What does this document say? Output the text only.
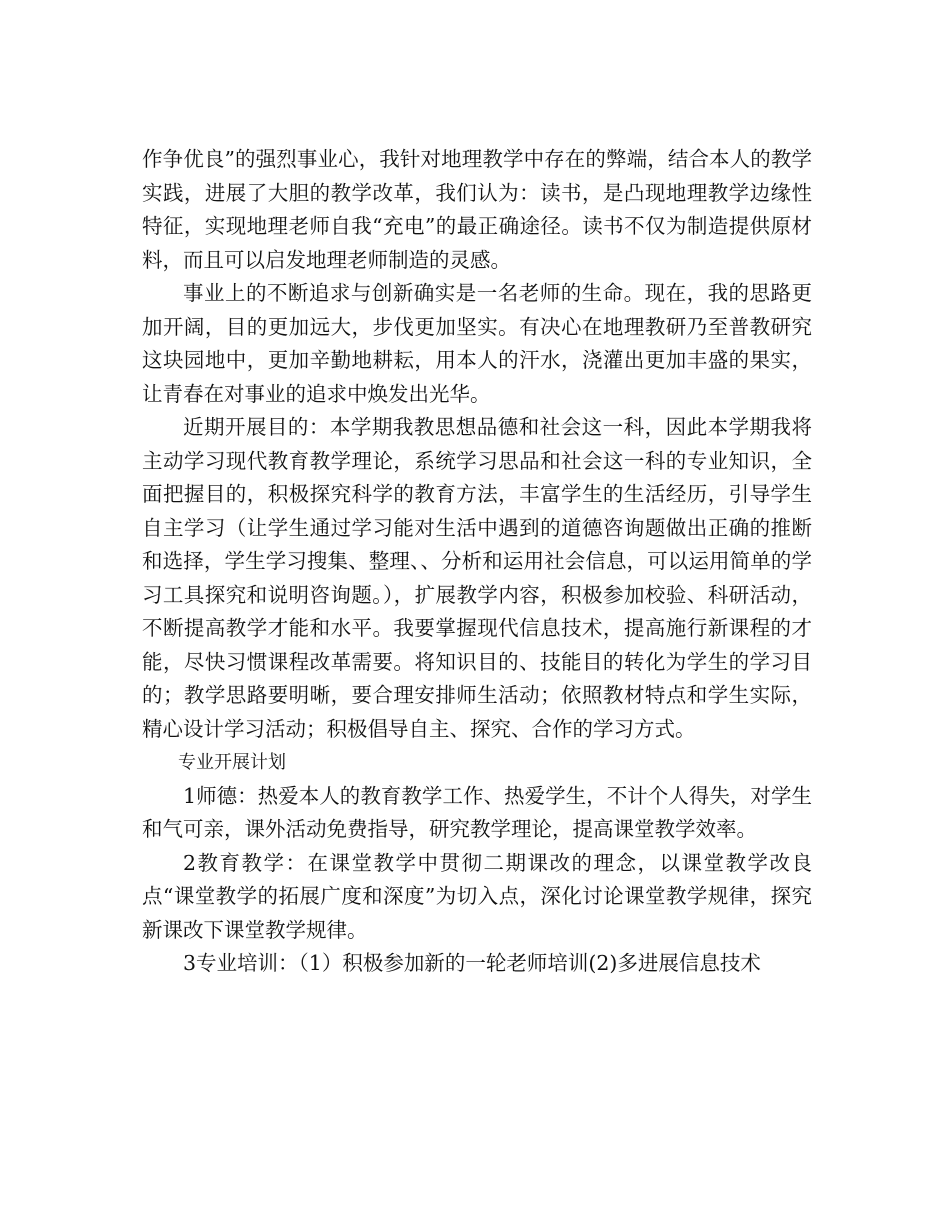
作争优良”的强烈事业心，我针对地理教学中存在的弊端，结合本人的教学实践，进展了大胆的教学改革，我们认为：读书，是凸现地理教学边缘性特征，实现地理老师自我“充电”的最正确途径。读书不仅为制造提供原材料，而且可以启发地理老师制造的灵感。

事业上的不断追求与创新确实是一名老师的生命。现在，我的思路更加开阔，目的更加远大，步伐更加坚实。有决心在地理教研乃至普教研究这块园地中，更加辛勤地耕耘，用本人的汗水，浇灌出更加丰盛的果实，让青春在对事业的追求中焕发出光华。

近期开展目的：本学期我教思想品德和社会这一科，因此本学期我将主动学习现代教育教学理论，系统学习思品和社会这一科的专业知识，全面把握目的，积极探究科学的教育方法，丰富学生的生活经历，引导学生自主学习（让学生通过学习能对生活中遇到的道德咨询题做出正确的推断和选择，学生学习搜集、整理、、分析和运用社会信息，可以运用简单的学习工具探究和说明咨询题。），扩展教学内容，积极参加校验、科研活动，不断提高教学才能和水平。我要掌握现代信息技术，提高施行新课程的才能，尽快习惯课程改革需要。将知识目的、技能目的转化为学生的学习目的；教学思路要明晰，要合理安排师生活动；依照教材特点和学生实际，精心设计学习活动；积极倡导自主、探究、合作的学习方式。

专业开展计划

1师德：热爱本人的教育教学工作、热爱学生，不计个人得失，对学生和气可亲，课外活动免费指导，研究教学理论，提高课堂教学效率。

2教育教学：在课堂教学中贯彻二期课改的理念，以课堂教学改良点“课堂教学的拓展广度和深度”为切入点，深化讨论课堂教学规律，探究新课改下课堂教学规律。

3专业培训：（1）积极参加新的一轮老师培训(2)多进展信息技术
